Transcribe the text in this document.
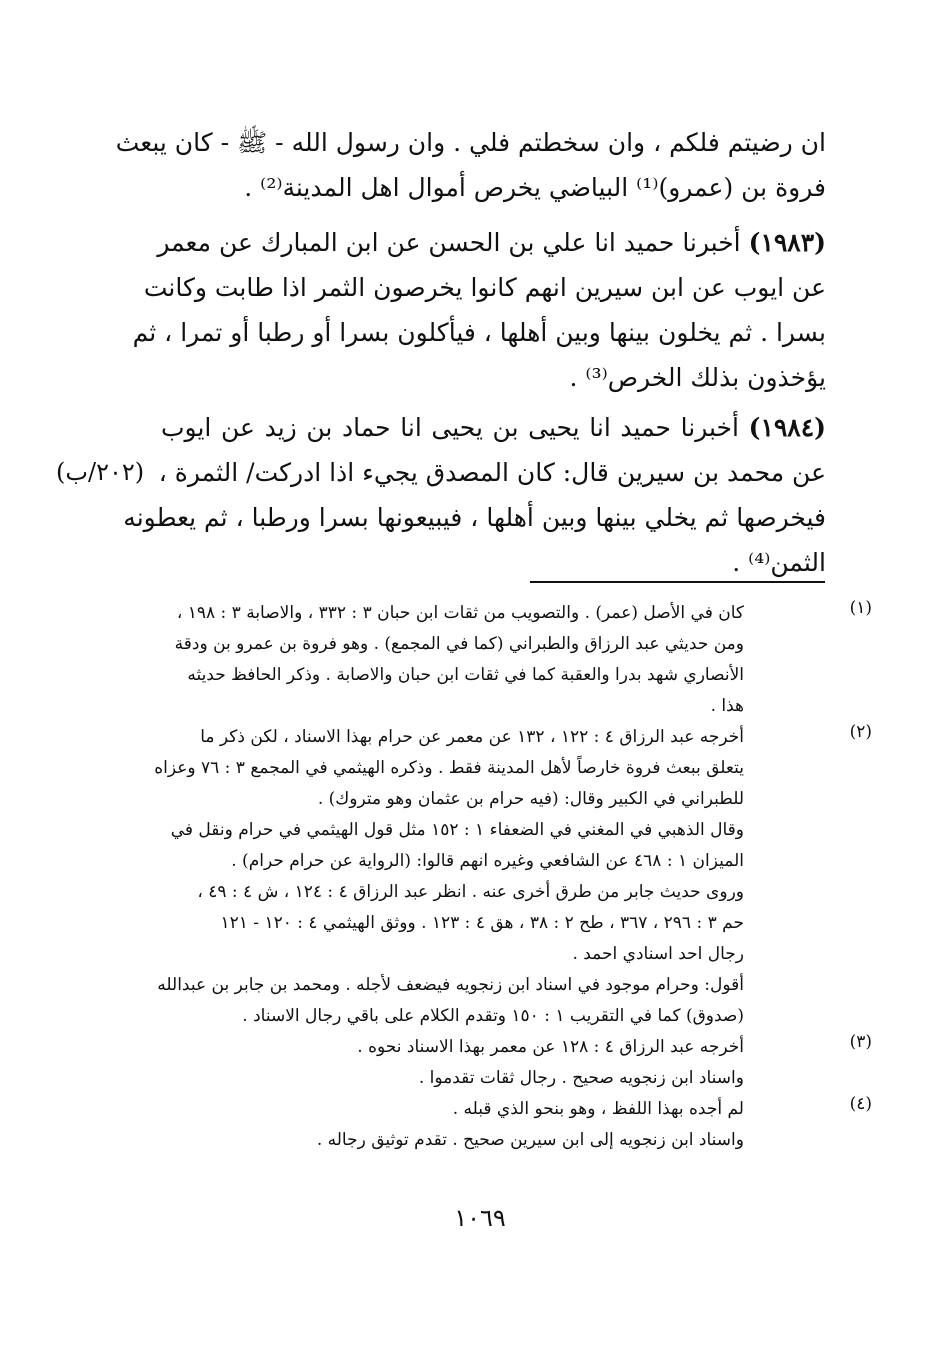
ان رضيتم فلكم ، وان سخطتم فلي . وان رسول الله - ﷺ - كان يبعث
فروة بن (عمرو)⁽¹⁾ البياضي يخرص أموال اهل المدينة⁽²⁾ .
(١٩٨٣) أخبرنا حميد انا علي بن الحسن عن ابن المبارك عن معمر
عن ايوب عن ابن سيرين انهم كانوا يخرصون الثمر اذا طابت وكانت
بسرا . ثم يخلون بينها وبين أهلها ، فيأكلون بسرا أو رطبا أو تمرا ، ثم
يؤخذون بذلك الخرص⁽³⁾ .
(١٩٨٤) أخبرنا حميد انا يحيى بن يحيى انا حماد بن زيد عن ايوب
عن محمد بن سيرين قال: كان المصدق يجيء اذا ادركت/ الثمرة ،
(٢٠٢/ب)
فيخرصها ثم يخلي بينها وبين أهلها ، فيبيعونها بسرا ورطبا ، ثم يعطونه
الثمن⁽⁴⁾ .
(١)
كان في الأصل (عمر) . والتصويب من ثقات ابن حبان ٣ : ٣٣٢ ، والاصابة ٣ : ١٩٨ ،
ومن حديثي عبد الرزاق والطبراني (كما في المجمع) . وهو فروة بن عمرو بن ودقة
الأنصاري شهد بدرا والعقبة كما في ثقات ابن حبان والاصابة . وذكر الحافظ حديثه
هذا .
(٢)
أخرجه عبد الرزاق ٤ : ١٢٢ ، ١٣٢ عن معمر عن حرام بهذا الاسناد ، لكن ذكر ما
يتعلق ببعث فروة خارصاً لأهل المدينة فقط . وذكره الهيثمي في المجمع ٣ : ٧٦ وعزاه
للطبراني في الكبير وقال: (فيه حرام بن عثمان وهو متروك) .
وقال الذهبي في المغني في الضعفاء ١ : ١٥٢ مثل قول الهيثمي في حرام ونقل في
الميزان ١ : ٤٦٨ عن الشافعي وغيره انهم قالوا: (الرواية عن حرام حرام) .
وروى حديث جابر من طرق أخرى عنه . انظر عبد الرزاق ٤ : ١٢٤ ، ش ٤ : ٤٩ ،
حم ٣ : ٢٩٦ ، ٣٦٧ ، طح ٢ : ٣٨ ، هق ٤ : ١٢٣ . ووثق الهيثمي ٤ : ١٢٠ - ١٢١
رجال احد اسنادي احمد .
أقول: وحرام موجود في اسناد ابن زنجويه فيضعف لأجله . ومحمد بن جابر بن عبدالله
(صدوق) كما في التقريب ١ : ١٥٠ وتقدم الكلام على باقي رجال الاسناد .
(٣)
أخرجه عبد الرزاق ٤ : ١٢٨ عن معمر بهذا الاسناد نحوه .
واسناد ابن زنجويه صحيح . رجال ثقات تقدموا .
(٤)
لم أجده بهذا اللفظ ، وهو بنحو الذي قبله .
واسناد ابن زنجويه إلى ابن سيرين صحيح . تقدم توثيق رجاله .
١٠٦٩
